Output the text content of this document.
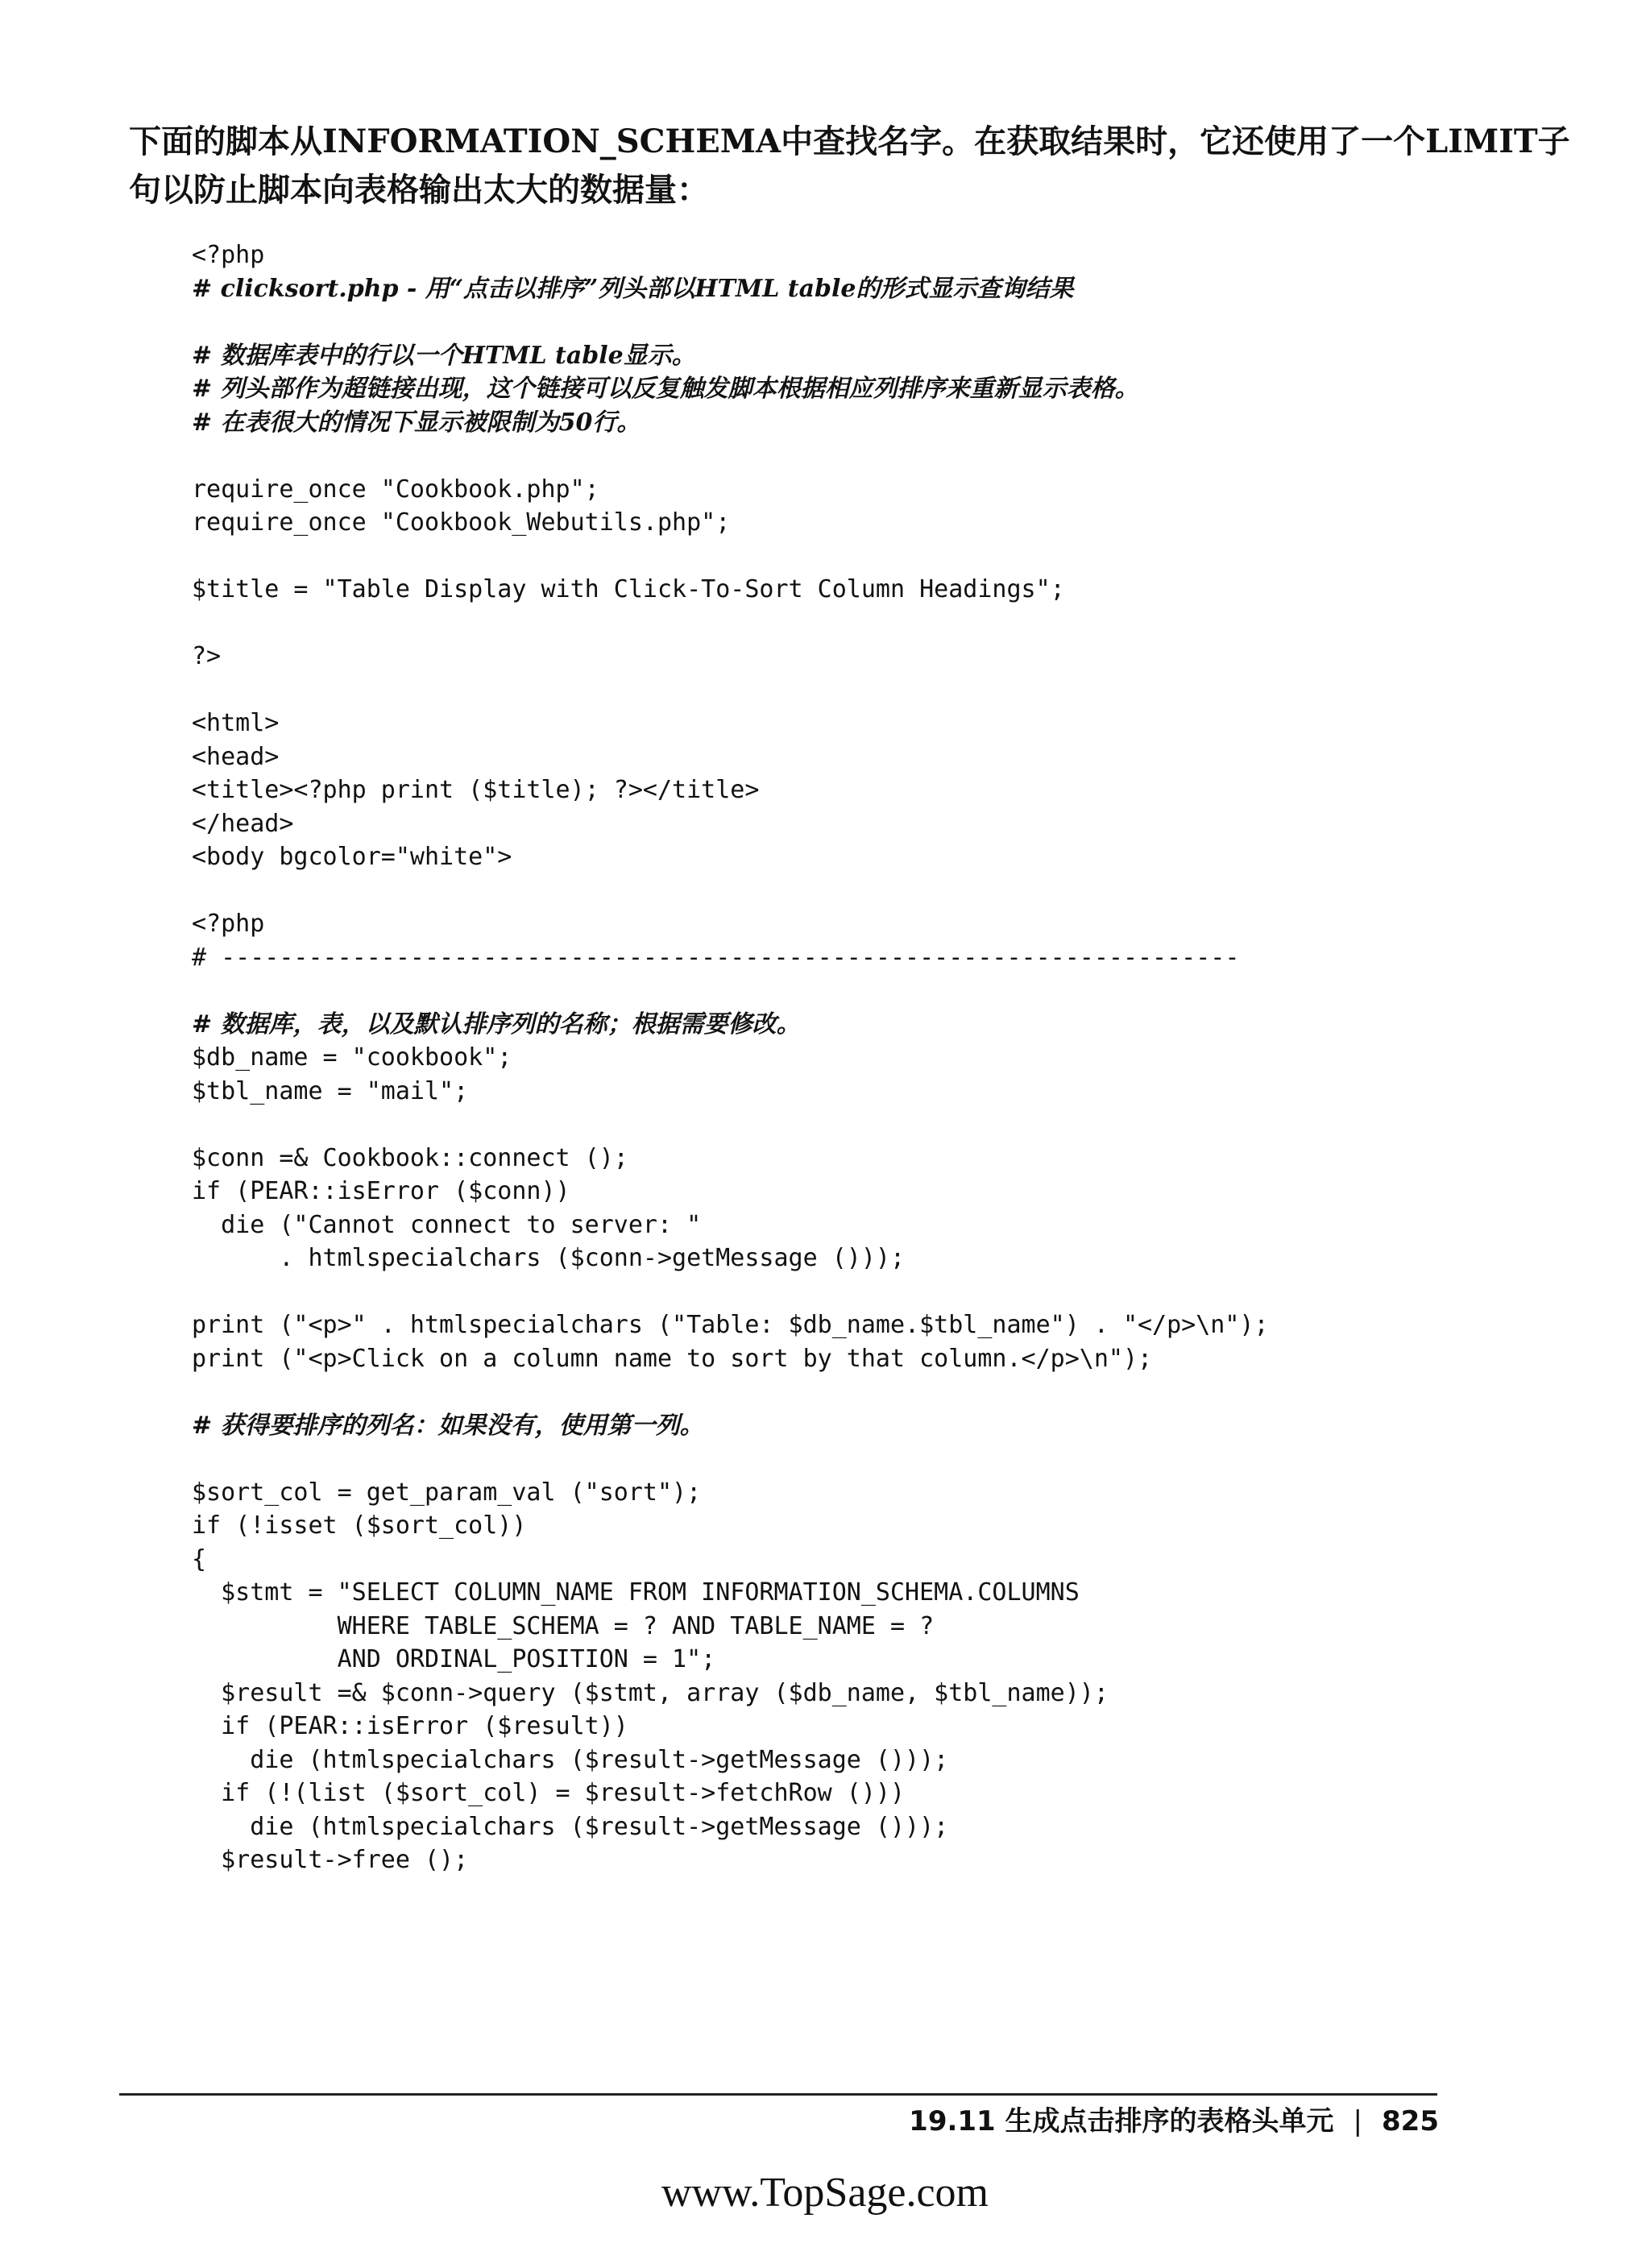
下面的脚本从INFORMATION_SCHEMA中查找名字。在获取结果时，它还使用了一个LIMIT子
句以防止脚本向表格输出太大的数据量：
<?php
# clicksort.php - 用“点击以排序”列头部以HTML table的形式显示查询结果
# 数据库表中的行以一个HTML table显示。
# 列头部作为超链接出现，这个链接可以反复触发脚本根据相应列排序来重新显示表格。
# 在表很大的情况下显示被限制为50行。
require_once "Cookbook.php";
require_once "Cookbook_Webutils.php";
$title = "Table Display with Click-To-Sort Column Headings";
?>
<html>
<head>
<title><?php print ($title); ?></title>
</head>
<body bgcolor="white">
<?php
# ----------------------------------------------------------------------
# 数据库，表，以及默认排序列的名称；根据需要修改。
$db_name = "cookbook";
$tbl_name = "mail";
$conn =& Cookbook::connect ();
if (PEAR::isError ($conn))
die ("Cannot connect to server: "
. htmlspecialchars ($conn->getMessage ()));
print ("<p>" . htmlspecialchars ("Table: $db_name.$tbl_name") . "</p>\n");
print ("<p>Click on a column name to sort by that column.</p>\n");
# 获得要排序的列名：如果没有，使用第一列。
$sort_col = get_param_val ("sort");
if (!isset ($sort_col))
{
$stmt = "SELECT COLUMN_NAME FROM INFORMATION_SCHEMA.COLUMNS
WHERE TABLE_SCHEMA = ? AND TABLE_NAME = ?
AND ORDINAL_POSITION = 1";
$result =& $conn->query ($stmt, array ($db_name, $tbl_name));
if (PEAR::isError ($result))
die (htmlspecialchars ($result->getMessage ()));
if (!(list ($sort_col) = $result->fetchRow ()))
die (htmlspecialchars ($result->getMessage ()));
$result->free ();
19.11 生成点击排序的表格头单元 | 825
www.TopSage.com
